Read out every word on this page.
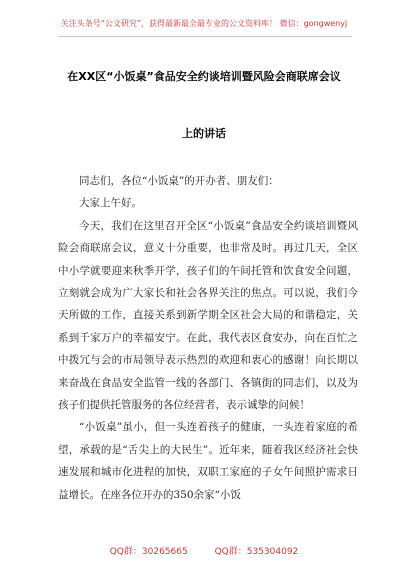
关注头条号“公文研究”，获得最新最全最专业的公文资料库！ 微信：gongwenyj
在XX区“小饭桌”食品安全约谈培训暨风险会商联席会议
上的讲话

同志们，各位“小饭桌”的开办者、朋友们：

大家上午好。

今天，我们在这里召开全区“小饭桌”食品安全约谈培训暨风险会商联席会议，意义十分重要，也非常及时。再过几天，全区中小学就要迎来秋季开学，孩子们的午间托管和饮食安全问题，立刻就会成为广大家长和社会各界关注的焦点。可以说，我们今天所做的工作，直接关系到新学期全区社会大局的和谐稳定，关系到千家万户的幸福安宁。在此，我代表区食安办，向在百忙之中拨冗与会的市局领导表示热烈的欢迎和衷心的感谢！向长期以来奋战在食品安全监管一线的各部门、各镇街的同志们，以及为孩子们提供托管服务的各位经营者，表示诚挚的问候！

“小饭桌”虽小，但一头连着孩子的健康，一头连着家庭的希望，承载的是“舌尖上的大民生”。近年来，随着我区经济社会快速发展和城市化进程的加快，双职工家庭的子女午间照护需求日益增长。在座各位开办的350余家“小饭

QQ群：30265665	QQ群：535304092
